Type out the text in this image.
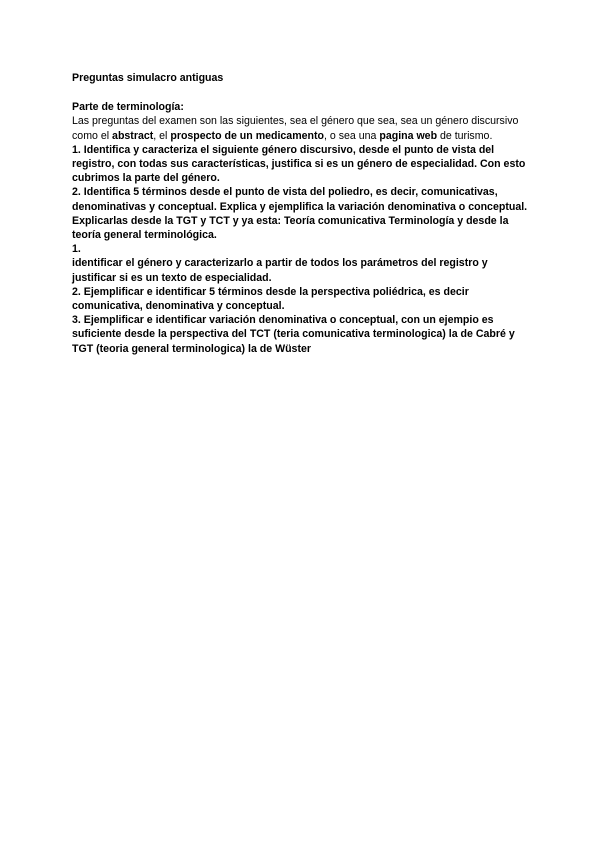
Preguntas simulacro antiguas

Parte de terminología:

Las preguntas del examen son las siguientes, sea el género que sea, sea un género discursivo como el abstract, el prospecto de un medicamento, o sea una pagina web de turismo.

1. Identifica y caracteriza el siguiente género discursivo, desde el punto de vista del registro, con todas sus características, justifica si es un género de especialidad. Con esto cubrimos la parte del género.

2. Identifica 5 términos desde el punto de vista del poliedro, es decir, comunicativas, denominativas y conceptual. Explica y ejemplifica la variación denominativa o conceptual. Explicarlas desde la TGT y TCT y ya esta: Teoría comunicativa Terminología y desde la teoría general terminológica.

1.

identificar el género y caracterizarlo a partir de todos los parámetros del registro y justificar si es un texto de especialidad.

2. Ejemplificar e identificar 5 términos desde la perspectiva poliédrica, es decir comunicativa, denominativa y conceptual.

3. Ejemplificar e identificar variación denominativa o conceptual, con un ejempio es suficiente desde la perspectiva del TCT (teria comunicativa terminologica) la de Cabré y TGT (teoria general terminologica) la de Wüster
